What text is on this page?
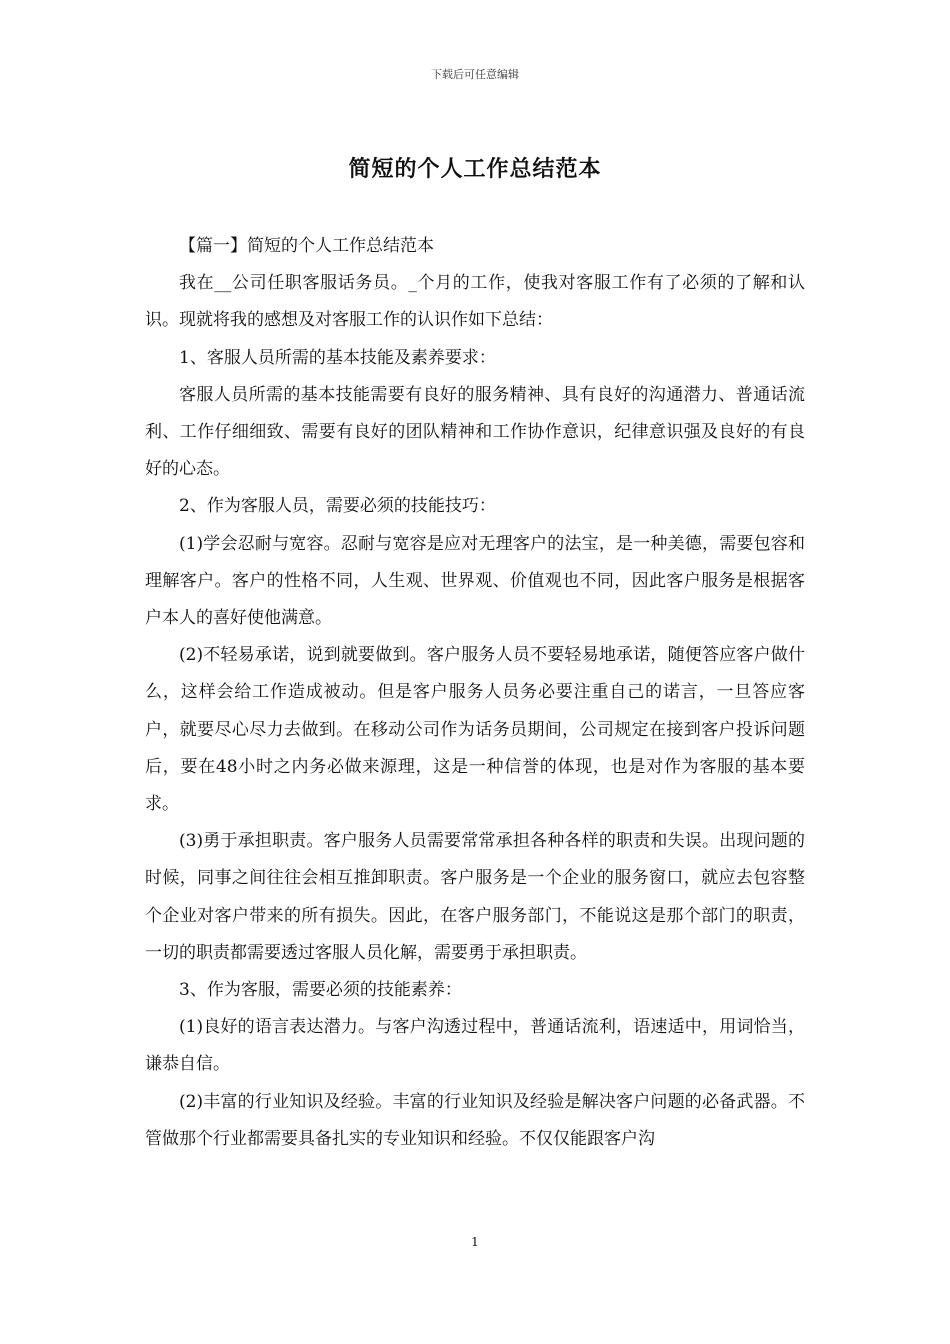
下载后可任意编辑
简短的个人工作总结范本

【篇一】简短的个人工作总结范本

我在__公司任职客服话务员。_个月的工作，使我对客服工作有了必须的了解和认识。现就将我的感想及对客服工作的认识作如下总结：

1、客服人员所需的基本技能及素养要求：

客服人员所需的基本技能需要有良好的服务精神、具有良好的沟通潜力、普通话流利、工作仔细细致、需要有良好的团队精神和工作协作意识，纪律意识强及良好的有良好的心态。

2、作为客服人员，需要必须的技能技巧：

(1)学会忍耐与宽容。忍耐与宽容是应对无理客户的法宝，是一种美德，需要包容和理解客户。客户的性格不同，人生观、世界观、价值观也不同，因此客户服务是根据客户本人的喜好使他满意。

(2)不轻易承诺，说到就要做到。客户服务人员不要轻易地承诺，随便答应客户做什么，这样会给工作造成被动。但是客户服务人员务必要注重自己的诺言，一旦答应客户，就要尽心尽力去做到。在移动公司作为话务员期间，公司规定在接到客户投诉问题后，要在48小时之内务必做来源理，这是一种信誉的体现，也是对作为客服的基本要求。

(3)勇于承担职责。客户服务人员需要常常承担各种各样的职责和失误。出现问题的时候，同事之间往往会相互推卸职责。客户服务是一个企业的服务窗口，就应去包容整个企业对客户带来的所有损失。因此，在客户服务部门，不能说这是那个部门的职责，一切的职责都需要透过客服人员化解，需要勇于承担职责。

3、作为客服，需要必须的技能素养：

(1)良好的语言表达潜力。与客户沟透过程中，普通话流利，语速适中，用词恰当，谦恭自信。

(2)丰富的行业知识及经验。丰富的行业知识及经验是解决客户问题的必备武器。不管做那个行业都需要具备扎实的专业知识和经验。不仅仅能跟客户沟

1
